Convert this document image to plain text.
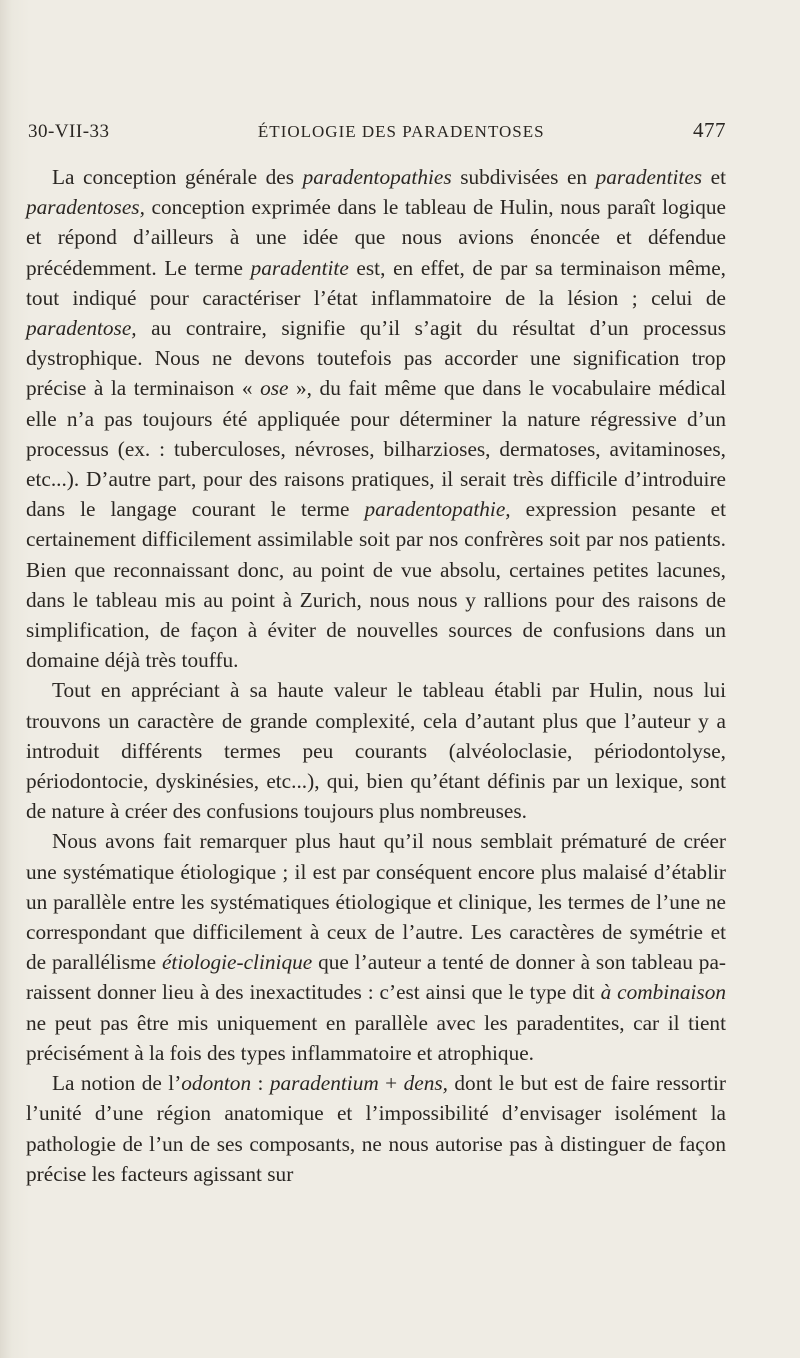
30-VII-33	ÉTIOLOGIE DES PARADENTOSES	477

La conception générale des paradentopathies subdivisées en paradentites et paradentoses, conception exprimée dans le tableau de Hulin, nous paraît logique et répond d’ailleurs à une idée que nous avions énoncée et défendue précédemment. Le terme paradentite est, en effet, de par sa terminaison même, tout indiqué pour caractériser l’état inflammatoire de la lésion ; celui de paradentose, au contraire, signifie qu’il s’agit du résultat d’un processus dystrophique. Nous ne devons toutefois pas accorder une signification trop précise à la terminaison « ose », du fait même que dans le vocabulaire médical elle n’a pas toujours été appliquée pour déterminer la nature régressive d’un processus (ex. : tuberculoses, névroses, bilharzioses, dermatoses, avitaminoses, etc...). D’autre part, pour des raisons pratiques, il serait très difficile d’introduire dans le langage courant le terme paradentopathie, expression pesante et certainement difficilement assimilable soit par nos confrères soit par nos patients. Bien que reconnaissant donc, au point de vue absolu, certaines petites lacunes, dans le tableau mis au point à Zurich, nous nous y rallions pour des raisons de simplification, de façon à éviter de nouvelles sources de confusions dans un domaine déjà très touffu.

Tout en appréciant à sa haute valeur le tableau établi par Hulin, nous lui trouvons un caractère de grande complexité, cela d’autant plus que l’auteur y a introduit différents termes peu courants (alvéoloclasie, périodontolyse, périodontocie, dyskinésies, etc...), qui, bien qu’étant définis par un lexique, sont de nature à créer des confusions toujours plus nombreuses.

Nous avons fait remarquer plus haut qu’il nous semblait prématuré de créer une systématique étiologique ; il est par conséquent encore plus malaisé d’établir un parallèle entre les systématiques étiologique et clinique, les termes de l’une ne correspondant que difficilement à ceux de l’autre. Les caractères de symétrie et de parallélisme étiologie-clinique que l’auteur a tenté de donner à son tableau paraissent donner lieu à des inexactitudes : c’est ainsi que le type dit à combinaison ne peut pas être mis uniquement en parallèle avec les paradentites, car il tient précisément à la fois des types inflammatoire et atrophique.

La notion de l’odonton : paradentium + dens, dont le but est de faire ressortir l’unité d’une région anatomique et l’impossibilité d’envisager isolément la pathologie de l’un de ses composants, ne nous autorise pas à distinguer de façon précise les facteurs agissant sur
